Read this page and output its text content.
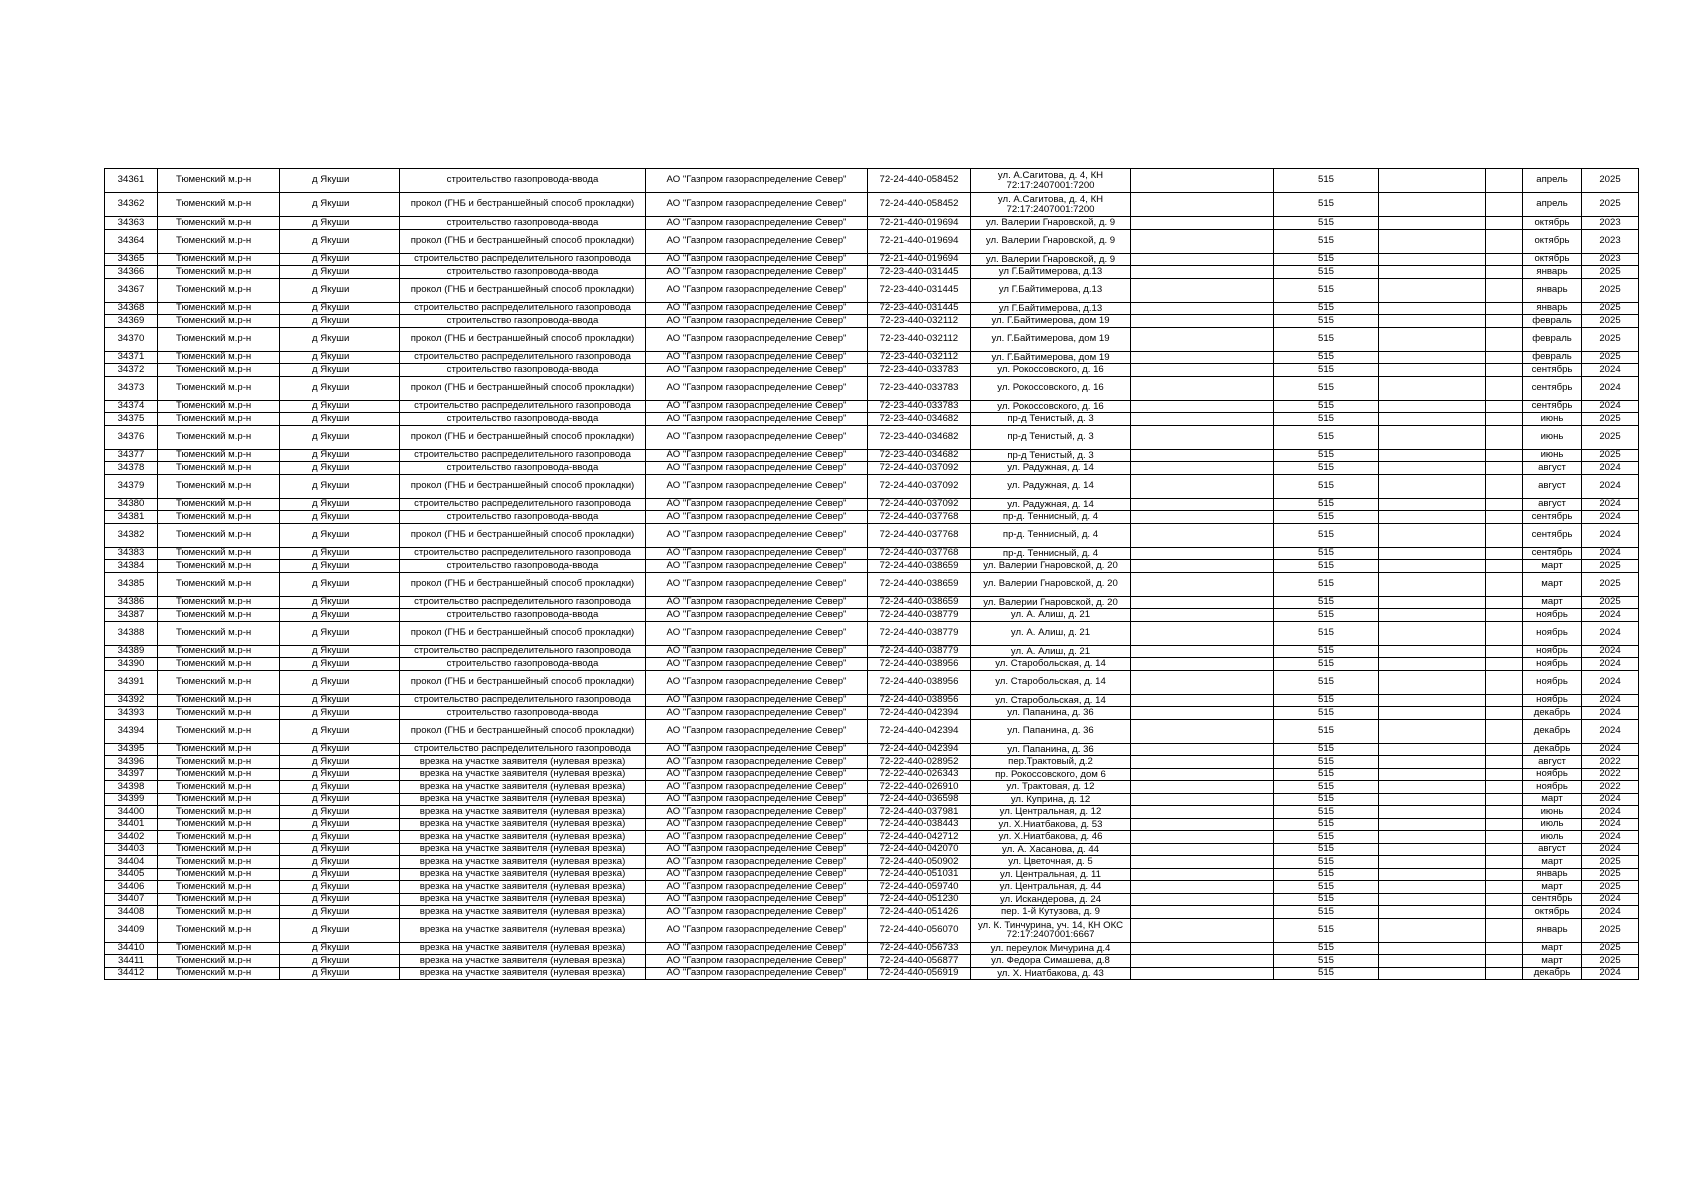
34361	Тюменский м.р-н	д Якуши	строительство газопровода-ввода	АО "Газпром газораспределение Север"	72-24-440-058452	ул. А.Сагитова, д. 4, КН 72:17:2407001:7200		515			апрель	2025
34362	Тюменский м.р-н	д Якуши	прокол (ГНБ и бестраншейный способ прокладки)	АО "Газпром газораспределение Север"	72-24-440-058452	ул. А.Сагитова, д. 4, КН 72:17:2407001:7200		515			апрель	2025
34363	Тюменский м.р-н	д Якуши	строительство газопровода-ввода	АО "Газпром газораспределение Север"	72-21-440-019694	ул. Валерии Гнаровской, д. 9		515			октябрь	2023
34364	Тюменский м.р-н	д Якуши	прокол (ГНБ и бестраншейный способ прокладки)	АО "Газпром газораспределение Север"	72-21-440-019694	ул. Валерии Гнаровской, д. 9		515			октябрь	2023
34365	Тюменский м.р-н	д Якуши	строительство распределительного газопровода	АО "Газпром газораспределение Север"	72-21-440-019694	ул. Валерии Гнаровской, д. 9		515			октябрь	2023
34366	Тюменский м.р-н	д Якуши	строительство газопровода-ввода	АО "Газпром газораспределение Север"	72-23-440-031445	ул Г.Байтимерова, д.13		515			январь	2025
34367	Тюменский м.р-н	д Якуши	прокол (ГНБ и бестраншейный способ прокладки)	АО "Газпром газораспределение Север"	72-23-440-031445	ул Г.Байтимерова, д.13		515			январь	2025
34368	Тюменский м.р-н	д Якуши	строительство распределительного газопровода	АО "Газпром газораспределение Север"	72-23-440-031445	ул Г.Байтимерова, д.13		515			январь	2025
34369	Тюменский м.р-н	д Якуши	строительство газопровода-ввода	АО "Газпром газораспределение Север"	72-23-440-032112	ул. Г.Байтимерова, дом 19		515			февраль	2025
34370	Тюменский м.р-н	д Якуши	прокол (ГНБ и бестраншейный способ прокладки)	АО "Газпром газораспределение Север"	72-23-440-032112	ул. Г.Байтимерова, дом 19		515			февраль	2025
34371	Тюменский м.р-н	д Якуши	строительство распределительного газопровода	АО "Газпром газораспределение Север"	72-23-440-032112	ул. Г.Байтимерова, дом 19		515			февраль	2025
34372	Тюменский м.р-н	д Якуши	строительство газопровода-ввода	АО "Газпром газораспределение Север"	72-23-440-033783	ул. Рокоссовского, д. 16		515			сентябрь	2024
34373	Тюменский м.р-н	д Якуши	прокол (ГНБ и бестраншейный способ прокладки)	АО "Газпром газораспределение Север"	72-23-440-033783	ул. Рокоссовского, д. 16		515			сентябрь	2024
34374	Тюменский м.р-н	д Якуши	строительство распределительного газопровода	АО "Газпром газораспределение Север"	72-23-440-033783	ул. Рокоссовского, д. 16		515			сентябрь	2024
34375	Тюменский м.р-н	д Якуши	строительство газопровода-ввода	АО "Газпром газораспределение Север"	72-23-440-034682	пр-д Тенистый, д. 3		515			июнь	2025
34376	Тюменский м.р-н	д Якуши	прокол (ГНБ и бестраншейный способ прокладки)	АО "Газпром газораспределение Север"	72-23-440-034682	пр-д Тенистый, д. 3		515			июнь	2025
34377	Тюменский м.р-н	д Якуши	строительство распределительного газопровода	АО "Газпром газораспределение Север"	72-23-440-034682	пр-д Тенистый, д. 3		515			июнь	2025
34378	Тюменский м.р-н	д Якуши	строительство газопровода-ввода	АО "Газпром газораспределение Север"	72-24-440-037092	ул. Радужная, д. 14		515			август	2024
34379	Тюменский м.р-н	д Якуши	прокол (ГНБ и бестраншейный способ прокладки)	АО "Газпром газораспределение Север"	72-24-440-037092	ул. Радужная, д. 14		515			август	2024
34380	Тюменский м.р-н	д Якуши	строительство распределительного газопровода	АО "Газпром газораспределение Север"	72-24-440-037092	ул. Радужная, д. 14		515			август	2024
34381	Тюменский м.р-н	д Якуши	строительство газопровода-ввода	АО "Газпром газораспределение Север"	72-24-440-037768	пр-д. Теннисный, д. 4		515			сентябрь	2024
34382	Тюменский м.р-н	д Якуши	прокол (ГНБ и бестраншейный способ прокладки)	АО "Газпром газораспределение Север"	72-24-440-037768	пр-д. Теннисный, д. 4		515			сентябрь	2024
34383	Тюменский м.р-н	д Якуши	строительство распределительного газопровода	АО "Газпром газораспределение Север"	72-24-440-037768	пр-д. Теннисный, д. 4		515			сентябрь	2024
34384	Тюменский м.р-н	д Якуши	строительство газопровода-ввода	АО "Газпром газораспределение Север"	72-24-440-038659	ул. Валерии Гнаровской, д. 20		515			март	2025
34385	Тюменский м.р-н	д Якуши	прокол (ГНБ и бестраншейный способ прокладки)	АО "Газпром газораспределение Север"	72-24-440-038659	ул. Валерии Гнаровской, д. 20		515			март	2025
34386	Тюменский м.р-н	д Якуши	строительство распределительного газопровода	АО "Газпром газораспределение Север"	72-24-440-038659	ул. Валерии Гнаровской, д. 20		515			март	2025
34387	Тюменский м.р-н	д Якуши	строительство газопровода-ввода	АО "Газпром газораспределение Север"	72-24-440-038779	ул. А. Алиш, д. 21		515			ноябрь	2024
34388	Тюменский м.р-н	д Якуши	прокол (ГНБ и бестраншейный способ прокладки)	АО "Газпром газораспределение Север"	72-24-440-038779	ул. А. Алиш, д. 21		515			ноябрь	2024
34389	Тюменский м.р-н	д Якуши	строительство распределительного газопровода	АО "Газпром газораспределение Север"	72-24-440-038779	ул. А. Алиш, д. 21		515			ноябрь	2024
34390	Тюменский м.р-н	д Якуши	строительство газопровода-ввода	АО "Газпром газораспределение Север"	72-24-440-038956	ул. Старобольская, д. 14		515			ноябрь	2024
34391	Тюменский м.р-н	д Якуши	прокол (ГНБ и бестраншейный способ прокладки)	АО "Газпром газораспределение Север"	72-24-440-038956	ул. Старобольская, д. 14		515			ноябрь	2024
34392	Тюменский м.р-н	д Якуши	строительство распределительного газопровода	АО "Газпром газораспределение Север"	72-24-440-038956	ул. Старобольская, д. 14		515			ноябрь	2024
34393	Тюменский м.р-н	д Якуши	строительство газопровода-ввода	АО "Газпром газораспределение Север"	72-24-440-042394	ул. Папанина, д. 36		515			декабрь	2024
34394	Тюменский м.р-н	д Якуши	прокол (ГНБ и бестраншейный способ прокладки)	АО "Газпром газораспределение Север"	72-24-440-042394	ул. Папанина, д. 36		515			декабрь	2024
34395	Тюменский м.р-н	д Якуши	строительство распределительного газопровода	АО "Газпром газораспределение Север"	72-24-440-042394	ул. Папанина, д. 36		515			декабрь	2024
34396	Тюменский м.р-н	д Якуши	врезка на участке заявителя (нулевая врезка)	АО "Газпром газораспределение Север"	72-22-440-028952	пер.Трактовый, д.2		515			август	2022
34397	Тюменский м.р-н	д Якуши	врезка на участке заявителя (нулевая врезка)	АО "Газпром газораспределение Север"	72-22-440-026343	пр. Рокоссовского, дом 6		515			ноябрь	2022
34398	Тюменский м.р-н	д Якуши	врезка на участке заявителя (нулевая врезка)	АО "Газпром газораспределение Север"	72-22-440-026910	ул. Трактовая, д. 12		515			ноябрь	2022
34399	Тюменский м.р-н	д Якуши	врезка на участке заявителя (нулевая врезка)	АО "Газпром газораспределение Север"	72-24-440-036598	ул. Куприна, д. 12		515			март	2024
34400	Тюменский м.р-н	д Якуши	врезка на участке заявителя (нулевая врезка)	АО "Газпром газораспределение Север"	72-24-440-037981	ул. Центральная, д. 12		515			июнь	2024
34401	Тюменский м.р-н	д Якуши	врезка на участке заявителя (нулевая врезка)	АО "Газпром газораспределение Север"	72-24-440-038443	ул. Х.Ниатбакова, д. 53		515			июль	2024
34402	Тюменский м.р-н	д Якуши	врезка на участке заявителя (нулевая врезка)	АО "Газпром газораспределение Север"	72-24-440-042712	ул. Х.Ниатбакова, д. 46		515			июль	2024
34403	Тюменский м.р-н	д Якуши	врезка на участке заявителя (нулевая врезка)	АО "Газпром газораспределение Север"	72-24-440-042070	ул. А. Хасанова, д. 44		515			август	2024
34404	Тюменский м.р-н	д Якуши	врезка на участке заявителя (нулевая врезка)	АО "Газпром газораспределение Север"	72-24-440-050902	ул. Цветочная, д. 5		515			март	2025
34405	Тюменский м.р-н	д Якуши	врезка на участке заявителя (нулевая врезка)	АО "Газпром газораспределение Север"	72-24-440-051031	ул. Центральная, д. 11		515			январь	2025
34406	Тюменский м.р-н	д Якуши	врезка на участке заявителя (нулевая врезка)	АО "Газпром газораспределение Север"	72-24-440-059740	ул. Центральная, д. 44		515			март	2025
34407	Тюменский м.р-н	д Якуши	врезка на участке заявителя (нулевая врезка)	АО "Газпром газораспределение Север"	72-24-440-051230	ул. Искандерова, д. 24		515			сентябрь	2024
34408	Тюменский м.р-н	д Якуши	врезка на участке заявителя (нулевая врезка)	АО "Газпром газораспределение Север"	72-24-440-051426	пер. 1-й Кутузова, д. 9		515			октябрь	2024
34409	Тюменский м.р-н	д Якуши	врезка на участке заявителя (нулевая врезка)	АО "Газпром газораспределение Север"	72-24-440-056070	ул. К. Тинчурина, уч. 14, КН ОКС 72:17:2407001:6667		515			январь	2025
34410	Тюменский м.р-н	д Якуши	врезка на участке заявителя (нулевая врезка)	АО "Газпром газораспределение Север"	72-24-440-056733	ул. переулок Мичурина д.4		515			март	2025
34411	Тюменский м.р-н	д Якуши	врезка на участке заявителя (нулевая врезка)	АО "Газпром газораспределение Север"	72-24-440-056877	ул. Федора Симашева, д.8		515			март	2025
34412	Тюменский м.р-н	д Якуши	врезка на участке заявителя (нулевая врезка)	АО "Газпром газораспределение Север"	72-24-440-056919	ул. Х. Ниатбакова, д. 43		515			декабрь	2024
